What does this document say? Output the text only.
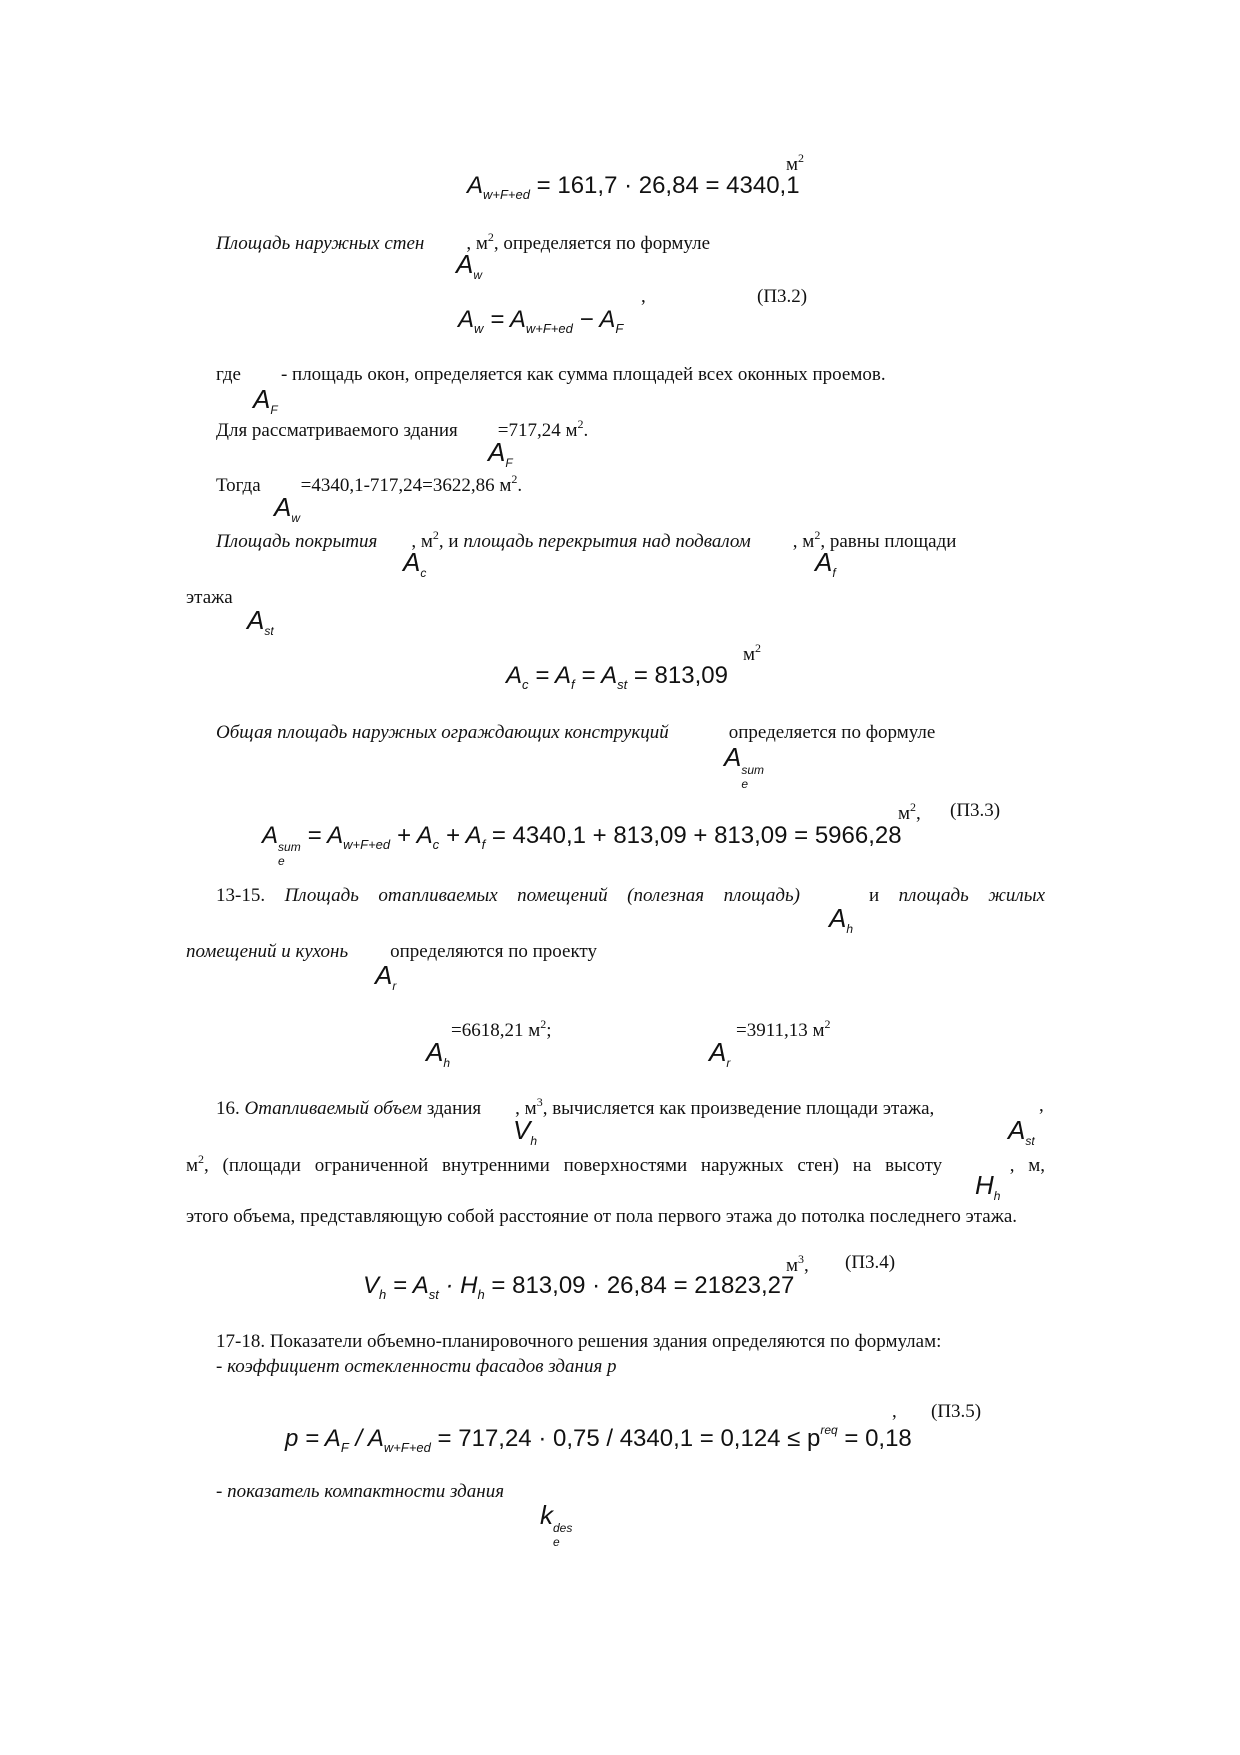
$м^2$
$A_{w+F+ed} = 161,7 \cdot 26,84 = 4340,1$
Площадь наружных стен , $м^2$, определяется по формуле
$A_w$
,	(П3.2)
$A_w = A_{w+F+ed} - A_F$
где - площадь окон, определяется как сумма площадей всех оконных проемов.
$A_F$
Для рассматриваемого здания =717,24 $м^2$.
$A_F$
Тогда =4340,1-717,24=3622,86 $м^2$.
$A_w$
Площадь покрытия , $м^2$, и площадь перекрытия над подвалом , $м^2$, равны площади
$A_c$	$A_f$
этажа
$A_{st}$
$м^2$
$A_c = A_f = A_{st} = 813,09$
Общая площадь наружных ограждающих конструкций	определяется по формуле
A sum
e
$м^2$, (П3.3)
A sum
e
= $A_{w+F+ed} + A_c + A_f = 4340,1 + 813,09 + 813,09 = 5966,28$
13-15. Площадь отапливаемых помещений (полезная площадь)	и площадь жилых
$A_h$
помещений и кухонь определяются по проекту
$A_r$
=6618,21 $м^2$;	=3911,13 $м^2$
$A_h$	$A_r$
16. Отапливаемый объем здания , $м^3$, вычисляется как произведение площади этажа,	,
$V_h$	$A_{st}$
$м^2$, (площади ограниченной внутренними поверхностями наружных стен) на высоту	, м,
$H_h$
этого объема, представляющую собой расстояние от пола первого этажа до потолка последнего этажа.
$м^3$, (П3.4)
$V_h = A_{st} \cdot H_h = 813,09 \cdot 26,84 = 21823,27$
17-18. Показатели объемно-планировочного решения здания определяются по формулам:
- коэффициент остекленности фасадов здания p
, (П3.5)
$p = A_F / A_{w+F+ed} = 717,24 \cdot 0,75 / 4340,1 = 0,124 \le p^{req} = 0,18$
- показатель компактности здания
k des
e
